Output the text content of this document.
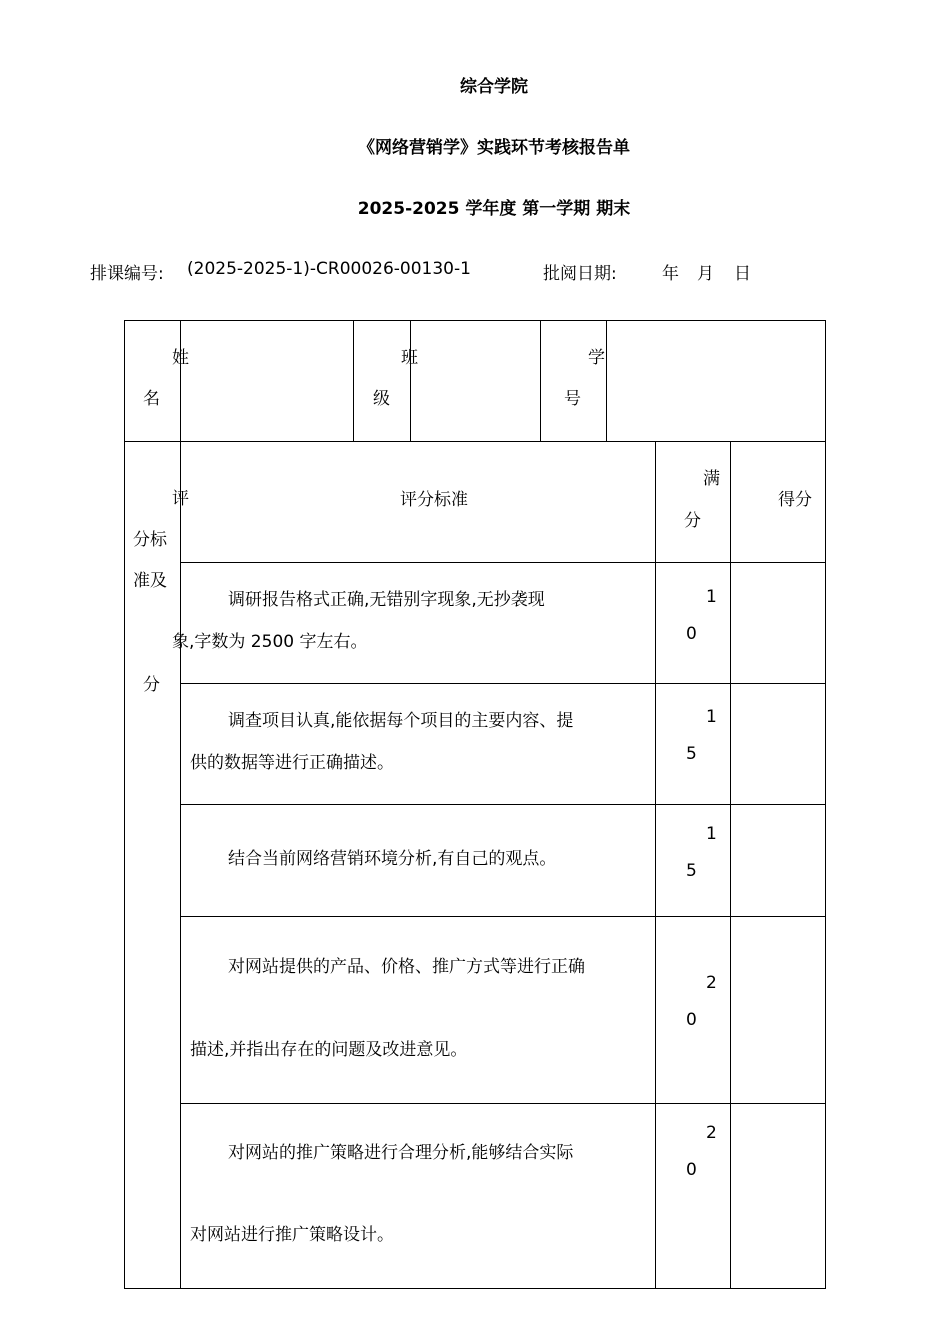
综合学院
《网络营销学》实践环节考核报告单
2025-2025 学年度 第一学期 期末
排课编号: (2025-2025-1)-CR00026-00130-1	批阅日期:	年 月 日
姓
名
班
级
学
号
评
分标
准及
分
评分标准
满
分
得分
调研报告格式正确,无错别字现象,无抄袭现
象,字数为 2500 字左右。
1
0
调查项目认真,能依据每个项目的主要内容、提
供的数据等进行正确描述。
1
5
结合当前网络营销环境分析,有自己的观点。
1
5
对网站提供的产品、价格、推广方式等进行正确
描述,并指出存在的问题及改进意见。
2
0
对网站的推广策略进行合理分析,能够结合实际
对网站进行推广策略设计。
2
0
